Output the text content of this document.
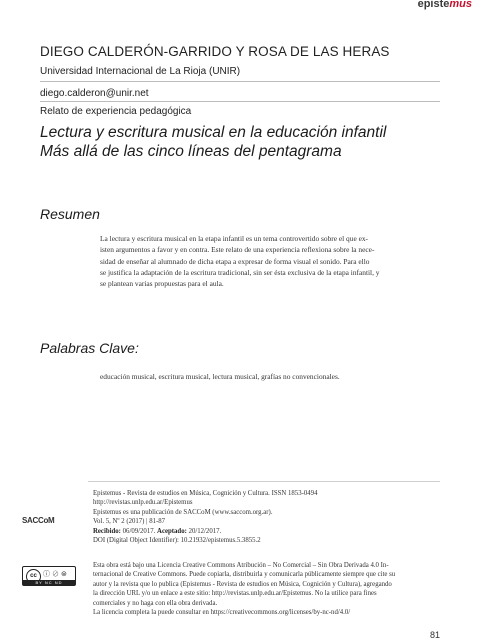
epistemus
DIEGO CALDERÓN-GARRIDO Y ROSA DE LAS HERAS
Universidad Internacional de La Rioja (UNIR)
diego.calderon@unir.net
Relato de experiencia pedagógica
Lectura y escritura musical en la educación infantil
Más allá de las cinco líneas del pentagrama
Resumen
La lectura y escritura musical en la etapa infantil es un tema controvertido sobre el que ex-
isten argumentos a favor y en contra. Este relato de una experiencia reflexiona sobre la nece-
sidad de enseñar al alumnado de dicha etapa a expresar de forma visual el sonido. Para ello
se justifica la adaptación de la escritura tradicional, sin ser ésta exclusiva de la etapa infantil, y
se plantean varias propuestas para el aula.
Palabras Clave:
educación musical, escritura musical, lectura musical, grafías no convencionales.
Epistemus - Revista de estudios en Música, Cognición y Cultura. ISSN 1853-0494
http://revistas.unlp.edu.ar/Epistemus
Epistemus es una publicación de SACCoM (www.saccom.org.ar).
Vol. 5, Nº 2 (2017) | 81-87
Recibido: 06/09/2017. Aceptado: 20/12/2017.
DOI (Digital Object Identifier): 10.21932/epistemus.5.3855.2
Esta obra está bajo una Licencia Creative Commons Atribución – No Comercial – Sin Obra Derivada 4.0 In-
ternacional de Creative Commons. Puede copiarla, distribuirla y comunicarla públicamente siempre que cite su
autor y la revista que lo publica (Epistemus - Revista de estudios en Música, Cognición y Cultura), agregando
la dirección URL y/o un enlace a este sitio: http://revistas.unlp.edu.ar/Epistemus. No la utilice para fines
comerciales y no haga con ella obra derivada.
La licencia completa la puede consultar en https://creativecommons.org/licenses/by-nc-nd/4.0/
SACCoM
cc ⓘ⊘⊜
BY NC ND
81
